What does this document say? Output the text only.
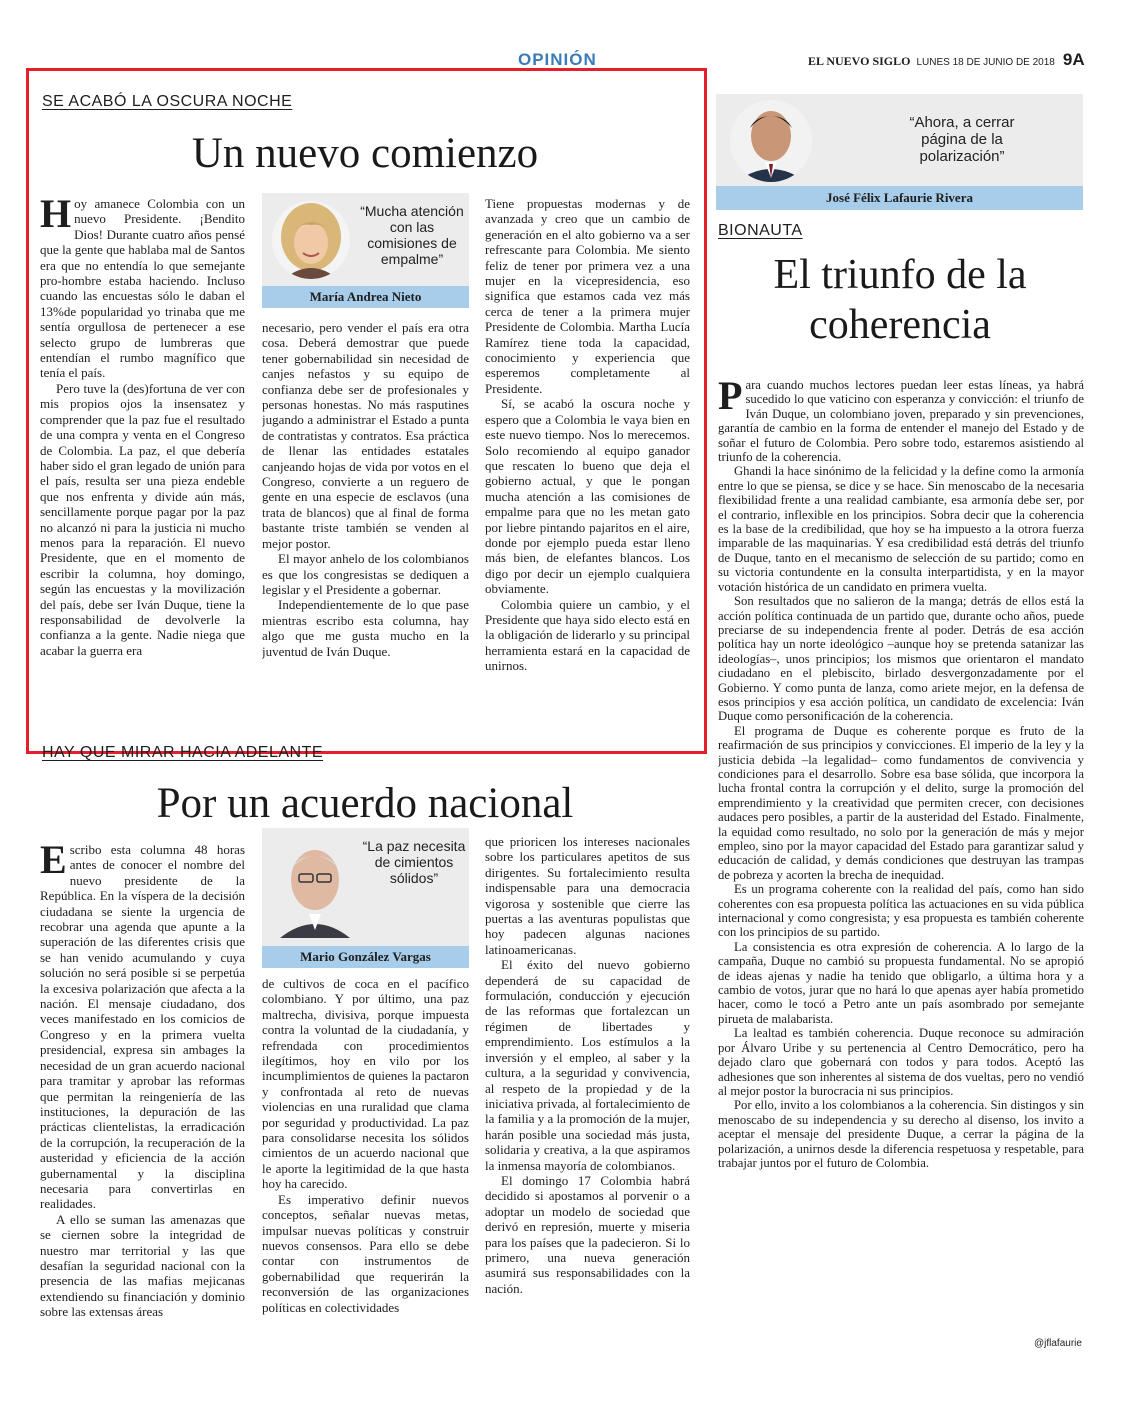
OPINIÓN	EL NUEVO SIGLO LUNES 18 DE JUNIO DE 2018 9A
SE ACABÓ LA OSCURA NOCHE
Un nuevo comienzo

Hoy amanece Colombia con un nuevo Presidente. ¡Bendito Dios! Durante cuatro años pensé que la gente que hablaba mal de Santos era que no entendía lo que semejante pro-hombre estaba haciendo. Incluso cuando las encuestas sólo le daban el 13%de popularidad yo trinaba que me sentía orgullosa de pertenecer a ese selecto grupo de lumbreras que entendían el rumbo magnífico que tenía el país.

Pero tuve la (des)fortuna de ver con mis propios ojos la insensatez y comprender que la paz fue el resultado de una compra y venta en el Congreso de Colombia. La paz, el que debería haber sido el gran legado de unión para el país, resulta ser una pieza endeble que nos enfrenta y divide aún más, sencillamente porque pagar por la paz no alcanzó ni para la justicia ni mucho menos para la reparación. El nuevo Presidente, que en el momento de escribir la columna, hoy domingo, según las encuestas y la movilización del país, debe ser Iván Duque, tiene la responsabilidad de devolverle la confianza a la gente. Nadie niega que acabar la guerra era

“Mucha atención con las comisiones de empalme”
María Andrea Nieto

necesario, pero vender el país era otra cosa. Deberá demostrar que puede tener gobernabilidad sin necesidad de canjes nefastos y su equipo de confianza debe ser de profesionales y personas honestas. No más rasputines jugando a administrar el Estado a punta de contratistas y contratos. Esa práctica de llenar las entidades estatales canjeando hojas de vida por votos en el Congreso, convierte a un reguero de gente en una especie de esclavos (una trata de blancos) que al final de forma bastante triste también se venden al mejor postor.

El mayor anhelo de los colombianos es que los congresistas se dediquen a legislar y el Presidente a gobernar.

Independientemente de lo que pase mientras escribo esta columna, hay algo que me gusta mucho en la juventud de Iván Duque.

Tiene propuestas modernas y de avanzada y creo que un cambio de generación en el alto gobierno va a ser refrescante para Colombia. Me siento feliz de tener por primera vez a una mujer en la vicepresidencia, eso significa que estamos cada vez más cerca de tener a la primera mujer Presidente de Colombia. Martha Lucía Ramírez tiene toda la capacidad, conocimiento y experiencia que esperemos completamente al Presidente.

Sí, se acabó la oscura noche y espero que a Colombia le vaya bien en este nuevo tiempo. Nos lo merecemos. Solo recomiendo al equipo ganador que rescaten lo bueno que deja el gobierno actual, y que le pongan mucha atención a las comisiones de empalme para que no les metan gato por liebre pintando pajaritos en el aire, donde por ejemplo pueda estar lleno más bien, de elefantes blancos. Los digo por decir un ejemplo cualquiera obviamente.

Colombia quiere un cambio, y el Presidente que haya sido electo está en la obligación de liderarlo y su principal herramienta estará en la capacidad de unirnos.

HAY QUE MIRAR HACIA ADELANTE
Por un acuerdo nacional

Escribo esta columna 48 horas antes de conocer el nombre del nuevo presidente de la República. En la víspera de la decisión ciudadana se siente la urgencia de recobrar una agenda que apunte a la superación de las diferentes crisis que se han venido acumulando y cuya solución no será posible si se perpetúa la excesiva polarización que afecta a la nación. El mensaje ciudadano, dos veces manifestado en los comicios de Congreso y en la primera vuelta presidencial, expresa sin ambages la necesidad de un gran acuerdo nacional para tramitar y aprobar las reformas que permitan la reingeniería de las instituciones, la depuración de las prácticas clientelistas, la erradicación de la corrupción, la recuperación de la austeridad y eficiencia de la acción gubernamental y la disciplina necesaria para convertirlas en realidades.

A ello se suman las amenazas que se ciernen sobre la integridad de nuestro mar territorial y las que desafían la seguridad nacional con la presencia de las mafias mejicanas extendiendo su financiación y dominio sobre las extensas áreas

“La paz necesita de cimientos sólidos”
Mario González Vargas

de cultivos de coca en el pacífico colombiano. Y por último, una paz maltrecha, divisiva, porque impuesta contra la voluntad de la ciudadanía, y refrendada con procedimientos ilegítimos, hoy en vilo por los incumplimientos de quienes la pactaron y confrontada al reto de nuevas violencias en una ruralidad que clama por seguridad y productividad. La paz para consolidarse necesita los sólidos cimientos de un acuerdo nacional que le aporte la legitimidad de la que hasta hoy ha carecido.

Es imperativo definir nuevos conceptos, señalar nuevas metas, impulsar nuevas políticas y construir nuevos consensos. Para ello se debe contar con instrumentos de gobernabilidad que requerirán la reconversión de las organizaciones políticas en colectividades

que prioricen los intereses nacionales sobre los particulares apetitos de sus dirigentes. Su fortalecimiento resulta indispensable para una democracia vigorosa y sostenible que cierre las puertas a las aventuras populistas que hoy padecen algunas naciones latinoamericanas.

El éxito del nuevo gobierno dependerá de su capacidad de formulación, conducción y ejecución de las reformas que fortalezcan un régimen de libertades y emprendimiento. Los estímulos a la inversión y el empleo, al saber y la cultura, a la seguridad y convivencia, al respeto de la propiedad y de la iniciativa privada, al fortalecimiento de la familia y a la promoción de la mujer, harán posible una sociedad más justa, solidaria y creativa, a la que aspiramos la inmensa mayoría de colombianos.

El domingo 17 Colombia habrá decidido si apostamos al porvenir o a adoptar un modelo de sociedad que derivó en represión, muerte y miseria para los países que la padecieron. Si lo primero, una nueva generación asumirá sus responsabilidades con la nación.

“Ahora, a cerrar página de la polarización”
José Félix Lafaurie Rivera
BIONAUTA
El triunfo de la coherencia

Para cuando muchos lectores puedan leer estas líneas, ya habrá sucedido lo que vaticino con esperanza y convicción: el triunfo de Iván Duque, un colombiano joven, preparado y sin prevenciones, garantía de cambio en la forma de entender el manejo del Estado y de soñar el futuro de Colombia. Pero sobre todo, estaremos asistiendo al triunfo de la coherencia.

Ghandi la hace sinónimo de la felicidad y la define como la armonía entre lo que se piensa, se dice y se hace. Sin menoscabo de la necesaria flexibilidad frente a una realidad cambiante, esa armonía debe ser, por el contrario, inflexible en los principios. Sobra decir que la coherencia es la base de la credibilidad, que hoy se ha impuesto a la otrora fuerza imparable de las maquinarias. Y esa credibilidad está detrás del triunfo de Duque, tanto en el mecanismo de selección de su partido; como en su victoria contundente en la consulta interpartidista, y en la mayor votación histórica de un candidato en primera vuelta.

Son resultados que no salieron de la manga; detrás de ellos está la acción política continuada de un partido que, durante ocho años, puede preciarse de su independencia frente al poder. Detrás de esa acción política hay un norte ideológico –aunque hoy se pretenda satanizar las ideologías–, unos principios; los mismos que orientaron el mandato ciudadano en el plebiscito, birlado desvergonzadamente por el Gobierno. Y como punta de lanza, como ariete mejor, en la defensa de esos principios y esa acción política, un candidato de excelencia: Iván Duque como personificación de la coherencia.

El programa de Duque es coherente porque es fruto de la reafirmación de sus principios y convicciones. El imperio de la ley y la justicia debida –la legalidad– como fundamentos de convivencia y condiciones para el desarrollo. Sobre esa base sólida, que incorpora la lucha frontal contra la corrupción y el delito, surge la promoción del emprendimiento y la creatividad que permiten crecer, con decisiones audaces pero posibles, a partir de la austeridad del Estado. Finalmente, la equidad como resultado, no solo por la generación de más y mejor empleo, sino por la mayor capacidad del Estado para garantizar salud y educación de calidad, y demás condiciones que destruyan las trampas de pobreza y acorten la brecha de inequidad.

Es un programa coherente con la realidad del país, como han sido coherentes con esa propuesta política las actuaciones en su vida pública internacional y como congresista; y esa propuesta es también coherente con los principios de su partido.

La consistencia es otra expresión de coherencia. A lo largo de la campaña, Duque no cambió su propuesta fundamental. No se apropió de ideas ajenas y nadie ha tenido que obligarlo, a última hora y a cambio de votos, jurar que no hará lo que apenas ayer había prometido hacer, como le tocó a Petro ante un país asombrado por semejante pirueta de malabarista.

La lealtad es también coherencia. Duque reconoce su admiración por Álvaro Uribe y su pertenencia al Centro Democrático, pero ha dejado claro que gobernará con todos y para todos. Aceptó las adhesiones que son inherentes al sistema de dos vueltas, pero no vendió al mejor postor la burocracia ni sus principios.

Por ello, invito a los colombianos a la coherencia. Sin distingos y sin menoscabo de su independencia y su derecho al disenso, los invito a aceptar el mensaje del presidente Duque, a cerrar la página de la polarización, a unirnos desde la diferencia respetuosa y respetable, para trabajar juntos por el futuro de Colombia.

@jflafaurie
